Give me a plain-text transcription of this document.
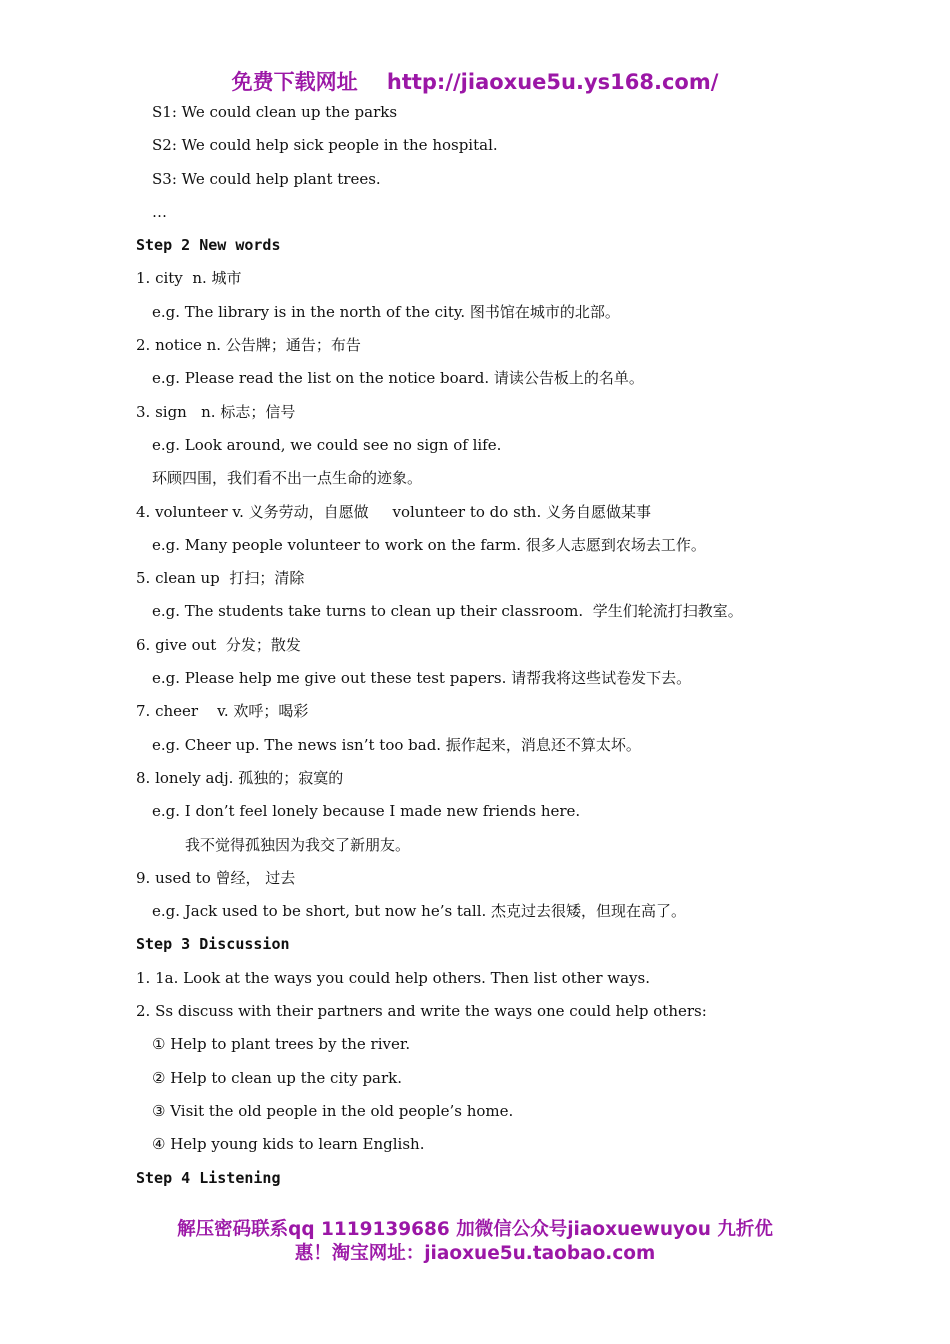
免费下载网址 http://jiaoxue5u.ys168.com/
S1: We could clean up the parks
S2: We could help sick people in the hospital.
S3: We could help plant trees.
…
Step 2 New words
1. city  n. 城市
e.g. The library is in the north of the city. 图书馆在城市的北部。
2. notice n. 公告牌；通告；布告
e.g. Please read the list on the notice board. 请读公告板上的名单。
3. sign   n. 标志；信号
e.g. Look around, we could see no sign of life.
环顾四围，我们看不出一点生命的迹象。
4. volunteer v. 义务劳动，自愿做     volunteer to do sth. 义务自愿做某事
e.g. Many people volunteer to work on the farm. 很多人志愿到农场去工作。
5. clean up  打扫；清除
e.g. The students take turns to clean up their classroom.  学生们轮流打扫教室。
6. give out  分发；散发
e.g. Please help me give out these test papers. 请帮我将这些试卷发下去。
7. cheer    v. 欢呼；喝彩
e.g. Cheer up. The news isn’t too bad. 振作起来，消息还不算太坏。
8. lonely adj. 孤独的；寂寞的
e.g. I don’t feel lonely because I made new friends here.
我不觉得孤独因为我交了新朋友。
9. used to 曾经， 过去
e.g. Jack used to be short, but now he’s tall. 杰克过去很矮，但现在高了。
Step 3 Discussion
1. 1a. Look at the ways you could help others. Then list other ways.
2. Ss discuss with their partners and write the ways one could help others:
① Help to plant trees by the river.
② Help to clean up the city park.
③ Visit the old people in the old people’s home.
④ Help young kids to learn English.
Step 4 Listening
解压密码联系qq 1119139686 加微信公众号jiaoxuewuyou 九折优
惠！淘宝网址：jiaoxue5u.taobao.com
